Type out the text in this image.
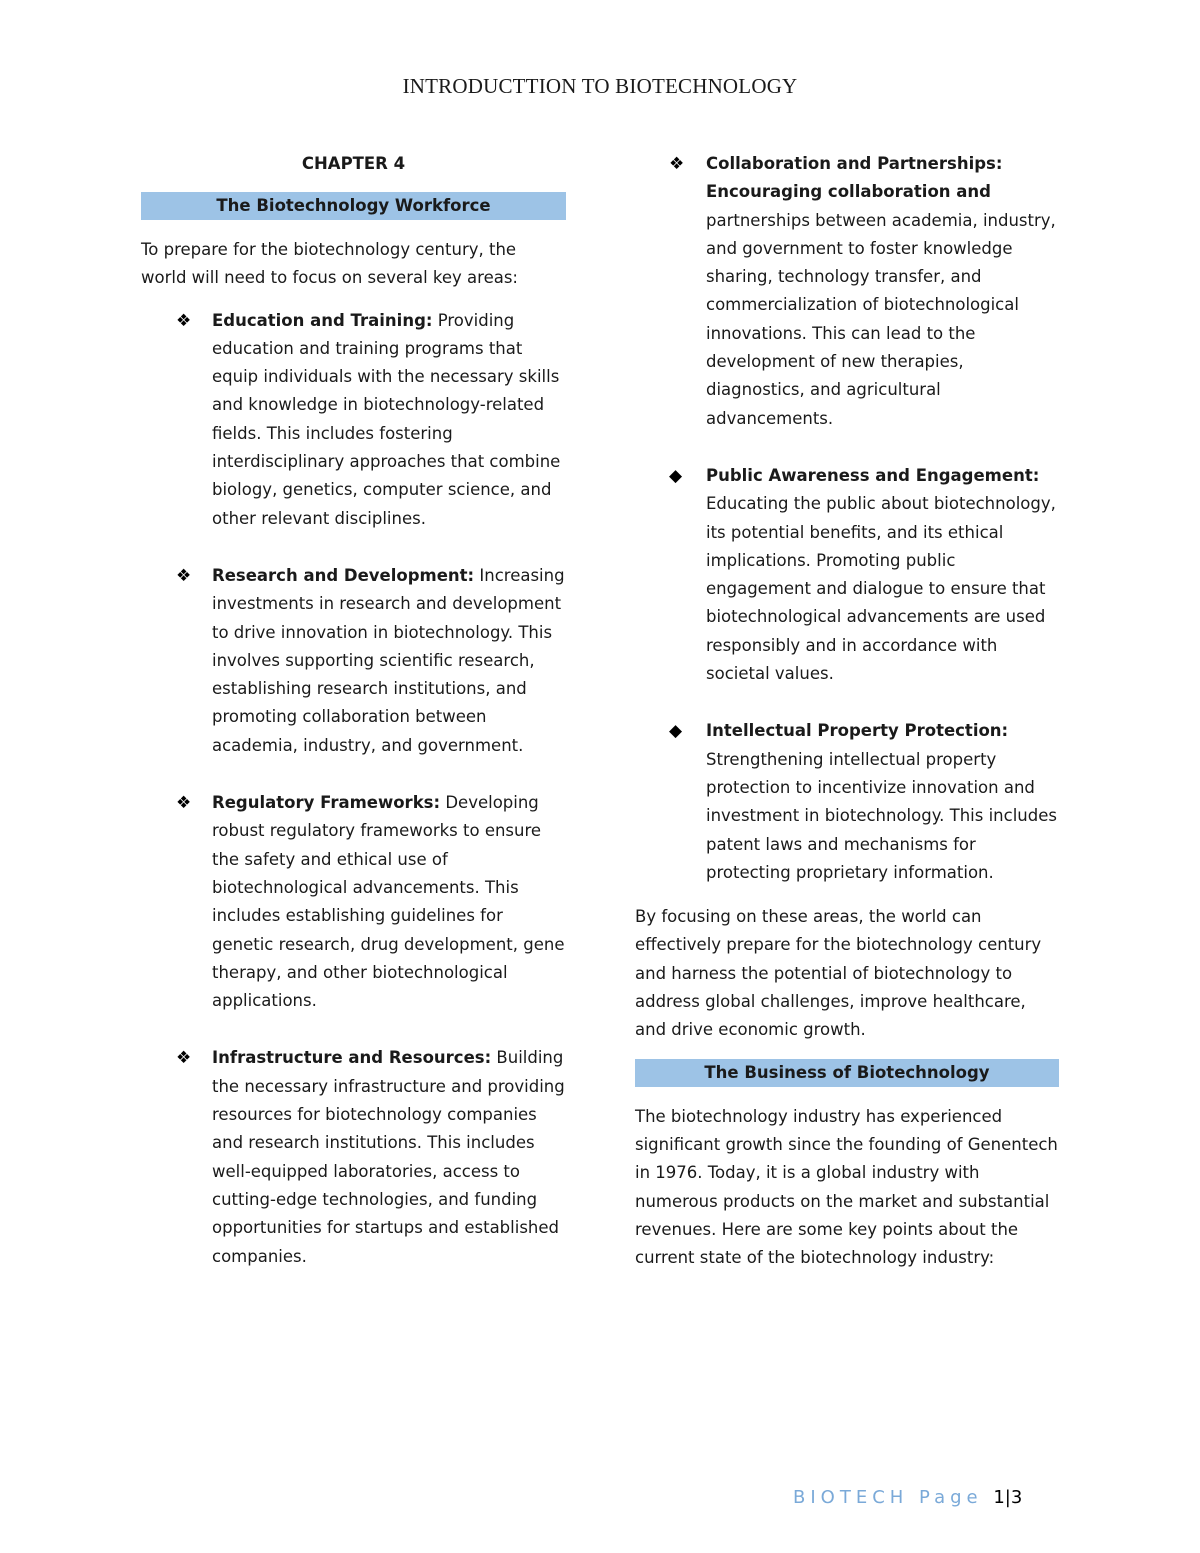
INTRODUCTTION TO BIOTECHNOLOGY
CHAPTER 4
The Biotechnology Workforce

To prepare for the biotechnology century, the world will need to focus on several key areas:

❖ Education and Training: Providing education and training programs that equip individuals with the necessary skills and knowledge in biotechnology-related fields. This includes fostering interdisciplinary approaches that combine biology, genetics, computer science, and other relevant disciplines.
❖ Research and Development: Increasing investments in research and development to drive innovation in biotechnology. This involves supporting scientific research, establishing research institutions, and promoting collaboration between academia, industry, and government.
❖ Regulatory Frameworks: Developing robust regulatory frameworks to ensure the safety and ethical use of biotechnological advancements. This includes establishing guidelines for genetic research, drug development, gene therapy, and other biotechnological applications.
❖ Infrastructure and Resources: Building the necessary infrastructure and providing resources for biotechnology companies and research institutions. This includes well-equipped laboratories, access to cutting-edge technologies, and funding opportunities for startups and established companies.
❖ Collaboration and Partnerships: Encouraging collaboration and partnerships between academia, industry, and government to foster knowledge sharing, technology transfer, and commercialization of biotechnological innovations. This can lead to the development of new therapies, diagnostics, and agricultural advancements.
◆ Public Awareness and Engagement: Educating the public about biotechnology, its potential benefits, and its ethical implications. Promoting public engagement and dialogue to ensure that biotechnological advancements are used responsibly and in accordance with societal values.
◆ Intellectual Property Protection: Strengthening intellectual property protection to incentivize innovation and investment in biotechnology. This includes patent laws and mechanisms for protecting proprietary information.

By focusing on these areas, the world can effectively prepare for the biotechnology century and harness the potential of biotechnology to address global challenges, improve healthcare, and drive economic growth.

The Business of Biotechnology

The biotechnology industry has experienced significant growth since the founding of Genentech in 1976. Today, it is a global industry with numerous products on the market and substantial revenues. Here are some key points about the current state of the biotechnology industry:

BIOTECH Page 1|3
